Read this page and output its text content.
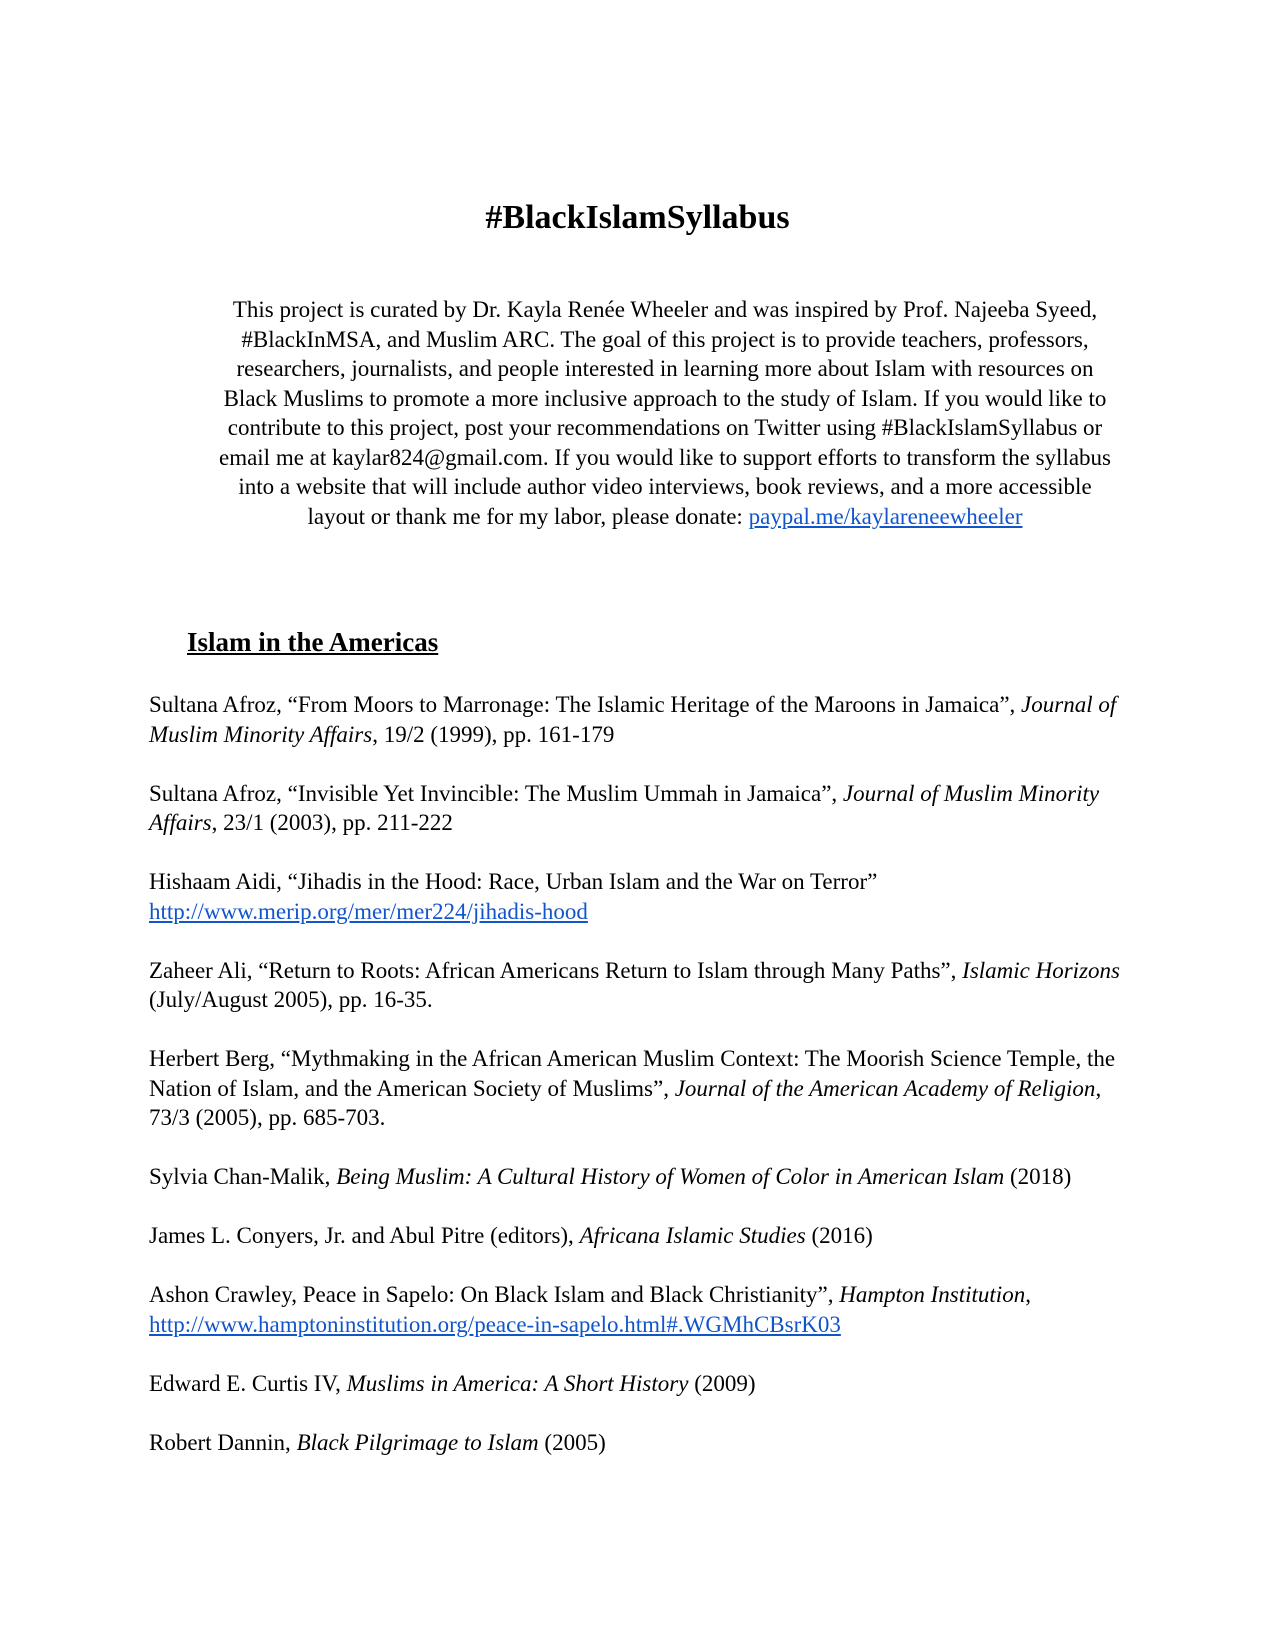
#BlackIslamSyllabus
This project is curated by Dr. Kayla Renée Wheeler and was inspired by Prof. Najeeba Syeed, #BlackInMSA, and Muslim ARC. The goal of this project is to provide teachers, professors, researchers, journalists, and people interested in learning more about Islam with resources on Black Muslims to promote a more inclusive approach to the study of Islam. If you would like to contribute to this project, post your recommendations on Twitter using #BlackIslamSyllabus or email me at kaylar824@gmail.com. If you would like to support efforts to transform the syllabus into a website that will include author video interviews, book reviews, and a more accessible layout or thank me for my labor, please donate: paypal.me/kaylareneewheeler
Islam in the Americas
Sultana Afroz, “From Moors to Marronage: The Islamic Heritage of the Maroons in Jamaica”, Journal of Muslim Minority Affairs, 19/2 (1999), pp. 161-179
Sultana Afroz, “Invisible Yet Invincible: The Muslim Ummah in Jamaica”, Journal of Muslim Minority Affairs, 23/1 (2003), pp. 211-222
Hishaam Aidi, “Jihadis in the Hood: Race, Urban Islam and the War on Terror” http://www.merip.org/mer/mer224/jihadis-hood
Zaheer Ali, “Return to Roots: African Americans Return to Islam through Many Paths”, Islamic Horizons (July/August 2005), pp. 16-35.
Herbert Berg, “Mythmaking in the African American Muslim Context: The Moorish Science Temple, the Nation of Islam, and the American Society of Muslims”, Journal of the American Academy of Religion, 73/3 (2005), pp. 685-703.
Sylvia Chan-Malik, Being Muslim: A Cultural History of Women of Color in American Islam (2018)
James L. Conyers, Jr. and Abul Pitre (editors), Africana Islamic Studies (2016)
Ashon Crawley, Peace in Sapelo: On Black Islam and Black Christianity”, Hampton Institution, http://www.hamptoninstitution.org/peace-in-sapelo.html#.WGMhCBsrK03
Edward E. Curtis IV, Muslims in America: A Short History (2009)
Robert Dannin, Black Pilgrimage to Islam (2005)
